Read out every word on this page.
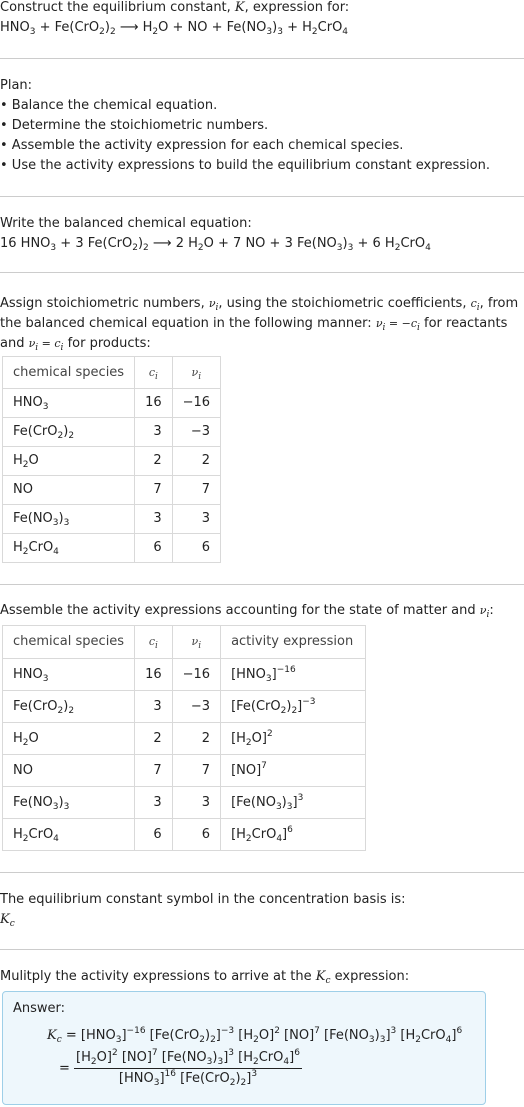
Construct the equilibrium constant, K, expression for:
$HNO_3 + Fe(CrO_2)_2$ ⟶ $H_2O$ + NO + $Fe(NO_3)_3 + H_2CrO_4$
Plan:
• Balance the chemical equation.
• Determine the stoichiometric numbers.
• Assemble the activity expression for each chemical species.
• Use the activity expressions to build the equilibrium constant expression.
Write the balanced chemical equation:
16 $HNO_3 + 3$ $Fe(CrO_2)_2$ ⟶ 2 $H_2O + 7$ NO + 3 $Fe(NO_3)_3 + 6$ $H_2CrO_4$
Assign stoichiometric numbers, $\nu_i$, using the stoichiometric coefficients, $c_i$, from
the balanced chemical equation in the following manner: $\nu_i = -c_i$ for reactants
and $\nu_i = c_i$ for products:
chemical species	$c_i$	$\nu_i$
$HNO_3$	16	−16
$Fe(CrO_2)_2$	3	−3
$H_2O$	2	2
NO	7	7
$Fe(NO_3)_3$	3	3
$H_2CrO_4$	6	6
Assemble the activity expressions accounting for the state of matter and $\nu_i$:
chemical species	$c_i$	$\nu_i$	activity expression
$HNO_3$	16	−16	$[HNO_3]^{-16}$
$Fe(CrO_2)_2$	3	−3	$[Fe(CrO_2)_2]^{-3}$
$H_2O$	2	2	$[H_2O]^2$
NO	7	7	[NO]$^7$
$Fe(NO_3)_3$	3	3	$[Fe(NO_3)_3]^3$
$H_2CrO_4$	6	6	$[H_2CrO_4]^6$
The equilibrium constant symbol in the concentration basis is:
$K_c$
Mulitply the activity expressions to arrive at the $K_c$ expression:
Answer:
$K_c = [HNO_3]^{-16}$ $[Fe(CrO_2)_2]^{-3}$ $[H_2O]^2$ [NO]$^7$ $[Fe(NO_3)_3]^3$ $[H_2CrO_4]^6$
= $\frac{[H_2O]^2 [NO]^7 [Fe(NO_3)_3]^3 [H_2CrO_4]^6}{[HNO_3]^{16} [Fe(CrO_2)_2]^3}$
